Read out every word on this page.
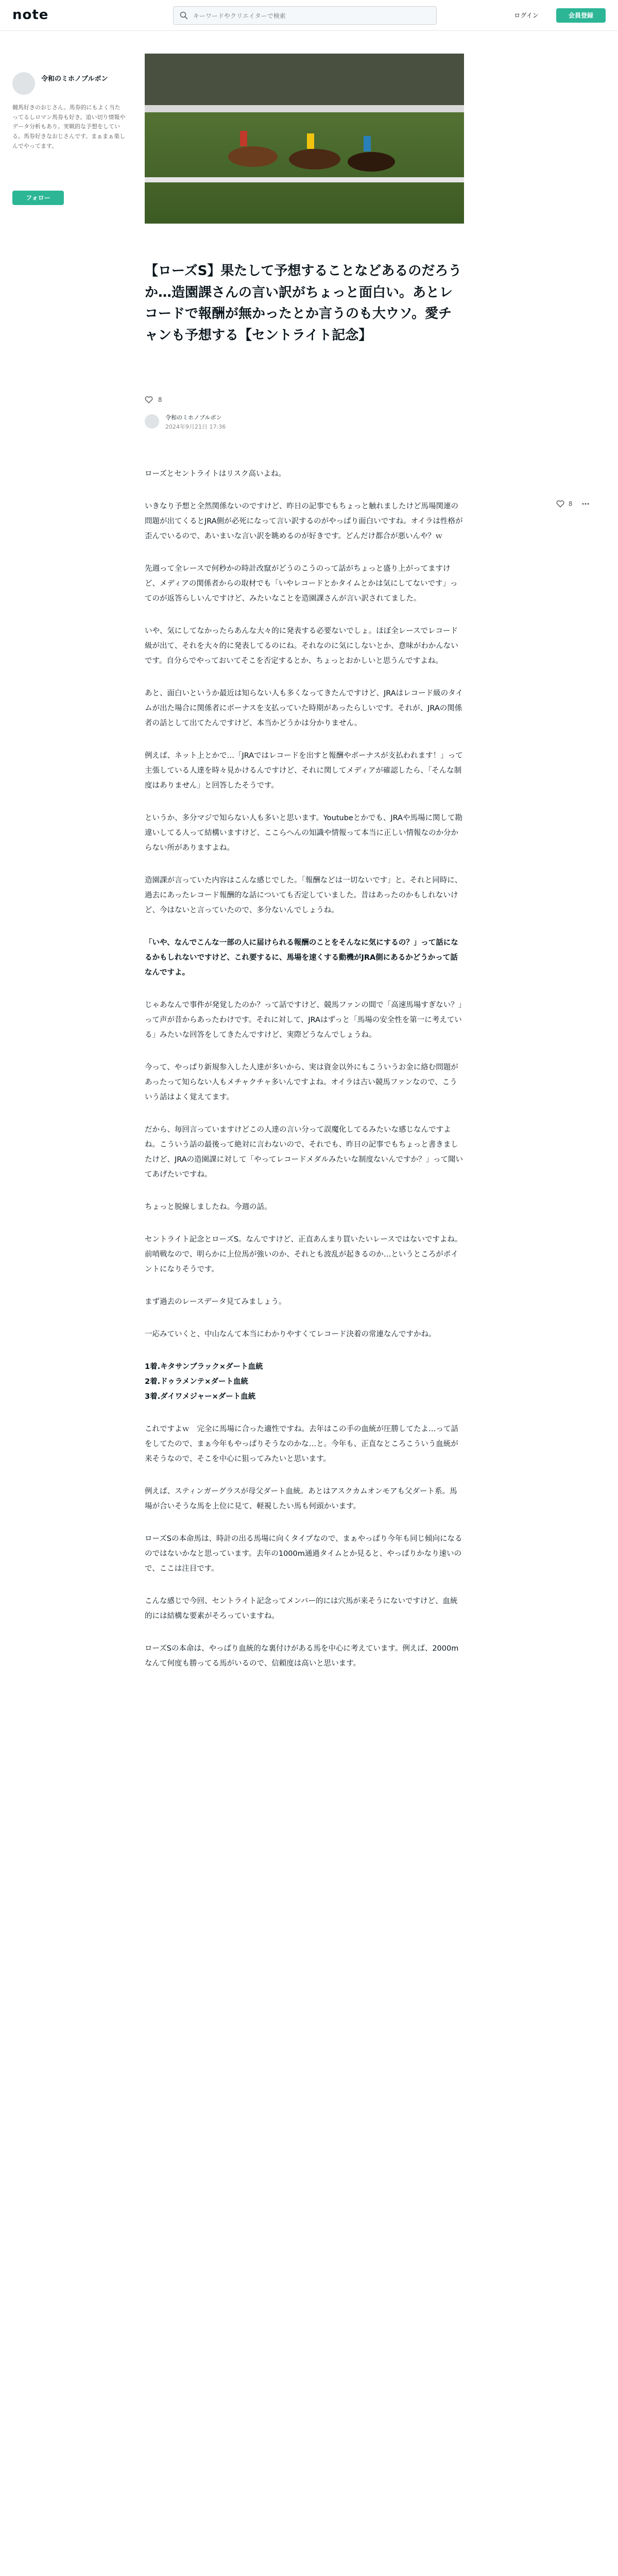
note
キーワードやクリエイターで検索	ログイン	会員登録
令和のミホノブルボン
競馬好きのおじさん。馬券的にもよく当たってるしロマン馬券も好き。追い切り情報やデータ分析もあり。実戦的な予想をしている。馬券好きなおじさんです。まぁまぁ楽しんでやってます。
フォロー
【ローズS】果たして予想することなどあるのだろうか…造園課さんの言い訳がちょっと面白い。あとレコードで報酬が無かったとか言うのも大ウソ。愛チャンも予想する【セントライト記念】
8
令和のミホノブルボン
2024年9月21日 17:36

ローズとセントライトはリスク高いよね。

いきなり予想と全然関係ないのですけど、昨日の記事でもちょっと触れましたけど馬場関連の問題が出てくるとJRA側が必死になって言い訳するのがやっぱり面白いですね。オイラは性格が歪んでいるので、あいまいな言い訳を眺めるのが好きです。どんだけ都合が悪いんや？ｗ

先週って全レースで何秒かの時計改竄がどうのこうのって話がちょっと盛り上がってますけど、メディアの関係者からの取材でも「いやレコードとかタイムとかは気にしてないです」ってのが返答らしいんですけど、みたいなことを造園課さんが言い訳されてました。

いや、気にしてなかったらあんな大々的に発表する必要ないでしょ。ほぼ全レースでレコード級が出て、それを大々的に発表してるのにね。それなのに気にしないとか、意味がわかんないです。自分らでやっておいてそこを否定するとか、ちょっとおかしいと思うんですよね。

あと、面白いというか最近は知らない人も多くなってきたんですけど、JRAはレコード級のタイムが出た場合に関係者にボーナスを支払っていた時期があったらしいです。それが、JRAの関係者の話として出てたんですけど、本当かどうかは分かりません。

例えば、ネット上とかで…「JRAではレコードを出すと報酬やボーナスが支払われます！」って主張している人達を時々見かけるんですけど、それに関してメディアが確認したら、「そんな制度はありません」と回答したそうです。

というか、多分マジで知らない人も多いと思います。Youtubeとかでも、JRAや馬場に関して勘違いしてる人って結構いますけど、ここらへんの知識や情報って本当に正しい情報なのか分からない所がありますよね。

造園課が言っていた内容はこんな感じでした。「報酬などは一切ないです」と。それと同時に、過去にあったレコード報酬的な話についても否定していました。昔はあったのかもしれないけど、今はないと言っていたので、多分ないんでしょうね。

「いや、なんでこんな一部の人に届けられる報酬のことをそんなに気にするの？」って話になるかもしれないですけど、これ要するに、馬場を速くする動機がJRA側にあるかどうかって話なんですよ。

じゃあなんで事件が発覚したのか？って話ですけど、競馬ファンの間で「高速馬場すぎない？」って声が昔からあったわけです。それに対して、JRAはずっと「馬場の安全性を第一に考えている」みたいな回答をしてきたんですけど、実際どうなんでしょうね。

今って、やっぱり新規参入した人達が多いから、実は資金以外にもこういうお金に絡む問題があったって知らない人もメチャクチャ多いんですよね。オイラは古い競馬ファンなので、こういう話はよく覚えてます。

だから、毎回言っていますけどこの人達の言い分って誤魔化してるみたいな感じなんですよね。こういう話の最後って絶対に言わないので、それでも、昨日の記事でもちょっと書きましたけど、JRAの造園課に対して「やってレコードメダルみたいな制度ないんですか？」って聞いてあげたいですね。

ちょっと脱線しましたね。今週の話。

セントライト記念とローズS。なんですけど、正直あんまり買いたいレースではないですよね。前哨戦なので、明らかに上位馬が強いのか、それとも波乱が起きるのか…というところがポイントになりそうです。

まず過去のレースデータ見てみましょう。

一応みていくと、中山なんて本当にわかりやすくてレコード決着の常連なんですかね。

1着.キタサンブラック×ダート血統
2着.ドゥラメンテ×ダート血統
3着.ダイワメジャー×ダート血統

これですよｗ　完全に馬場に合った適性ですね。去年はこの手の血統が圧勝してたよ…って話をしてたので、まぁ今年もやっぱりそうなのかな…と。今年も、正直なところこういう血統が来そうなので、そこを中心に狙ってみたいと思います。

例えば、スティンガーグラスが母父ダート血統。あとはアスクカムオンモアも父ダート系。馬場が合いそうな馬を上位に見て、軽視したい馬も何頭かいます。

ローズSの本命馬は、時計の出る馬場に向くタイプなので、まぁやっぱり今年も同じ傾向になるのではないかなと思っています。去年の1000m通過タイムとか見ると、やっぱりかなり速いので、ここは注目です。

こんな感じで今回、セントライト記念ってメンバー的には穴馬が来そうにないですけど、血統的には結構な要素がそろっていますね。

ローズSの本命は、やっぱり血統的な裏付けがある馬を中心に考えています。例えば、2000mなんて何度も勝ってる馬がいるので、信頼度は高いと思います。

8
